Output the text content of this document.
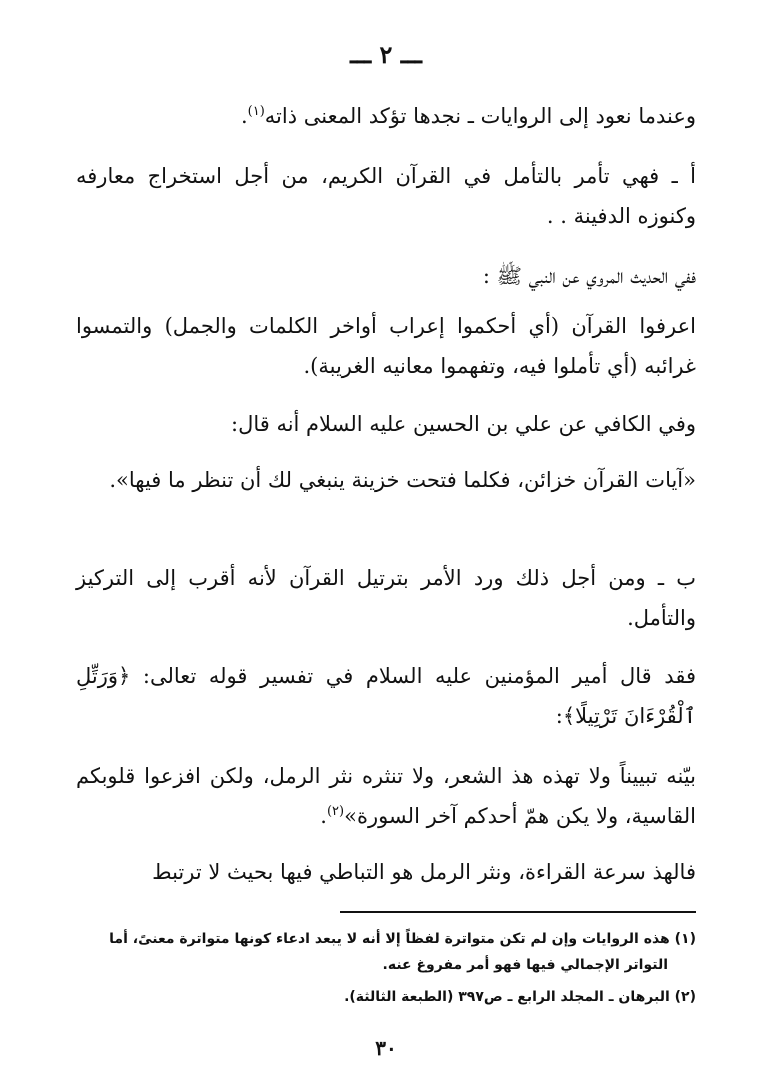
ـــ ٢ ـــ
وعندما نعود إلى الروايات ـ نجدها تؤكد المعنى ذاته$^{(١)}$.
أ ـ فهي تأمر بالتأمل في القرآن الكريم، من أجل استخراج معارفه وكنوزه الدفينة . .
ففي الحديث المروي عن النبي ﷺ :
اعرفوا القرآن (أي أحكموا إعراب أواخر الكلمات والجمل) والتمسوا غرائبه (أي تأملوا فيه، وتفهموا معانيه الغريبة).
وفي الكافي عن علي بن الحسين عليه السلام أنه قال:
«آيات القرآن خزائن، فكلما فتحت خزينة ينبغي لك أن تنظر ما فيها».
ب ـ ومن أجل ذلك ورد الأمر بترتيل القرآن لأنه أقرب إلى التركيز والتأمل.
فقد قال أمير المؤمنين عليه السلام في تفسير قوله تعالى: ﴿وَرَتِّلِ ٱلْقُرْءَانَ تَرْتِيلًا﴾:
بيّنه تبييناً ولا تهذه هذ الشعر، ولا تنثره نثر الرمل، ولكن افزعوا قلوبكم القاسية، ولا يكن همّ أحدكم آخر السورة»$^{(٢)}$.
فالهذ سرعة القراءة، ونثر الرمل هو التباطي فيها بحيث لا ترتبط
(١) هذه الروايات وإن لم تكن متواترة لفظاً إلا أنه لا يبعد ادعاء كونها متواترة معنىً، أما
التواتر الإجمالي فيها فهو أمر مفروغ عنه.
(٢) البرهان ـ المجلد الرابع ـ ص٣٩٧ (الطبعة الثالثة).
٣٠
